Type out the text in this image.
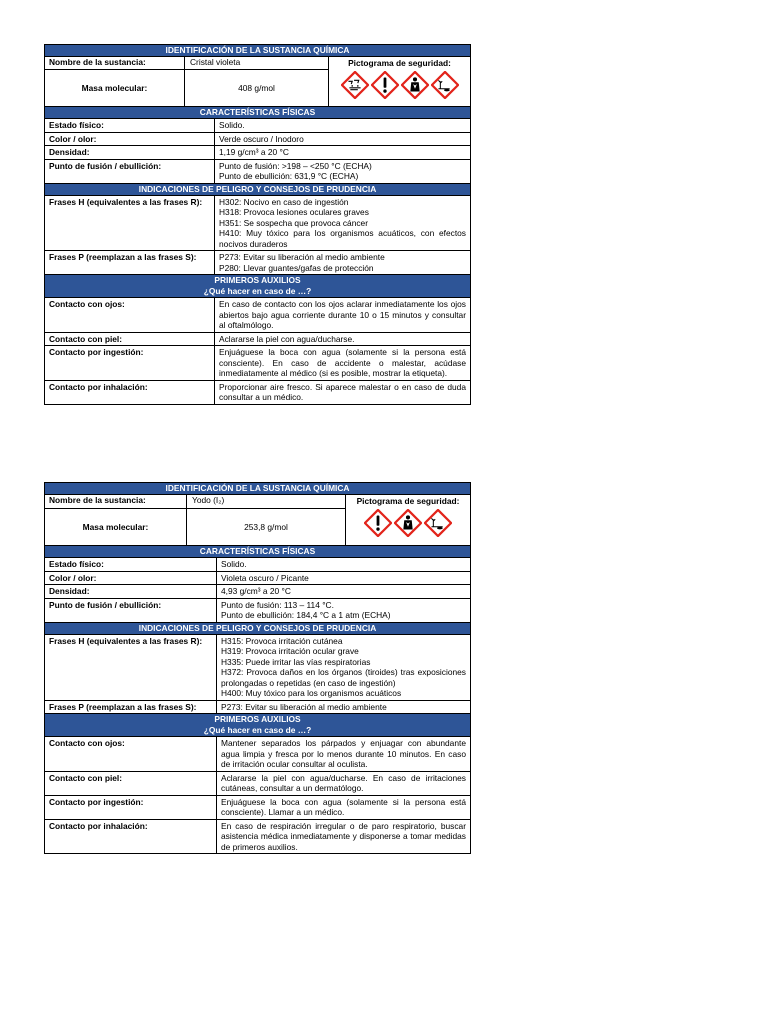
IDENTIFICACIÓN DE LA SUSTANCIA QUÍMICA
Nombre de la sustancia:	Cristal violeta
Masa molecular:	408 g/mol
Pictograma de seguridad:
CARACTERÍSTICAS FÍSICAS
Estado físico:	Solido.
Color / olor:	Verde oscuro / Inodoro
Densidad:	1,19 g/cm³ a 20 °C
Punto de fusión / ebullición:	Punto de fusión: >198 – <250 °C (ECHA)
Punto de ebullición: 631,9 °C (ECHA)
INDICACIONES DE PELIGRO Y CONSEJOS DE PRUDENCIA
Frases H (equivalentes a las frases R):	H302: Nocivo en caso de ingestión
H318: Provoca lesiones oculares graves
H351: Se sospecha que provoca cáncer
H410: Muy tóxico para los organismos acuáticos, con efectos nocivos duraderos
Frases P (reemplazan a las frases S):	P273: Evitar su liberación al medio ambiente
P280: Llevar guantes/gafas de protección
PRIMEROS AUXILIOS
¿Qué hacer en caso de …?
Contacto con ojos:	En caso de contacto con los ojos aclarar inmediatamente los ojos abiertos bajo agua corriente durante 10 o 15 minutos y consultar al oftalmólogo.
Contacto con piel:	Aclararse la piel con agua/ducharse.
Contacto por ingestión:	Enjuáguese la boca con agua (solamente si la persona está consciente). En caso de accidente o malestar, acúdase inmediatamente al médico (si es posible, mostrar la etiqueta).
Contacto por inhalación:	Proporcionar aire fresco. Si aparece malestar o en caso de duda consultar a un médico.
IDENTIFICACIÓN DE LA SUSTANCIA QUÍMICA
Nombre de la sustancia:	Yodo (I₂)
Masa molecular:	253,8 g/mol
Pictograma de seguridad:
CARACTERÍSTICAS FÍSICAS
Estado físico:	Solido.
Color / olor:	Violeta oscuro / Picante
Densidad:	4,93 g/cm³ a 20 °C
Punto de fusión / ebullición:	Punto de fusión: 113 – 114 °C.
Punto de ebullición: 184,4 °C a 1 atm (ECHA)
INDICACIONES DE PELIGRO Y CONSEJOS DE PRUDENCIA
Frases H (equivalentes a las frases R):	H315: Provoca irritación cutánea
H319: Provoca irritación ocular grave
H335: Puede irritar las vías respiratorias
H372: Provoca daños en los órganos (tiroides) tras exposiciones prolongadas o repetidas (en caso de ingestión)
H400: Muy tóxico para los organismos acuáticos
Frases P (reemplazan a las frases S):	P273: Evitar su liberación al medio ambiente
PRIMEROS AUXILIOS
¿Qué hacer en caso de …?
Contacto con ojos:	Mantener separados los párpados y enjuagar con abundante agua limpia y fresca por lo menos durante 10 minutos. En caso de irritación ocular consultar al oculista.
Contacto con piel:	Aclararse la piel con agua/ducharse. En caso de irritaciones cutáneas, consultar a un dermatólogo.
Contacto por ingestión:	Enjuáguese la boca con agua (solamente si la persona está consciente). Llamar a un médico.
Contacto por inhalación:	En caso de respiración irregular o de paro respiratorio, buscar asistencia médica inmediatamente y disponerse a tomar medidas de primeros auxilios.
